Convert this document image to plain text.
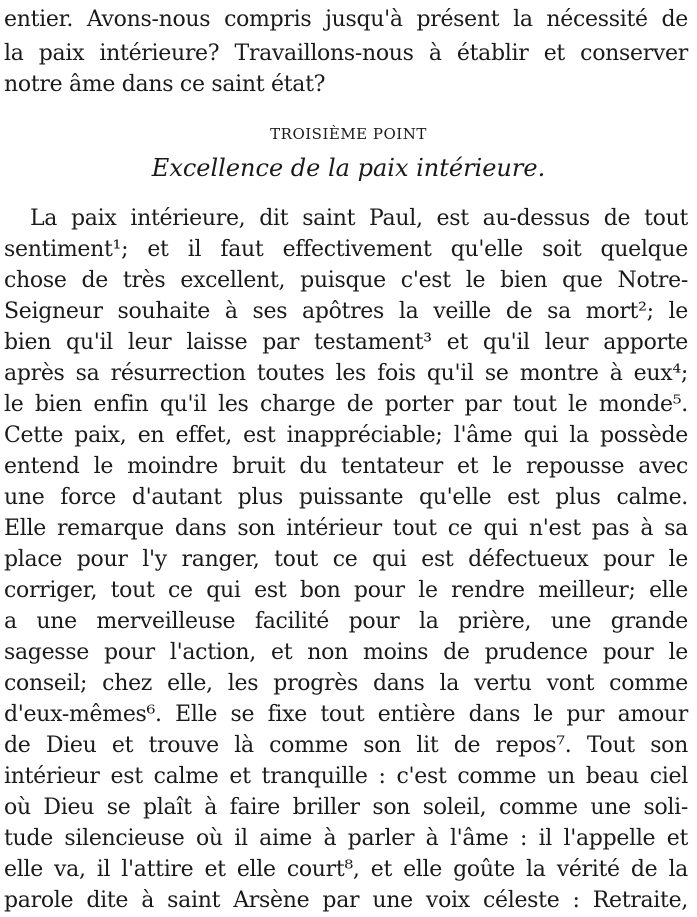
entier. Avons-nous compris jusqu'à présent la nécessité de
la paix intérieure? Travaillons-nous à établir et conserver
notre âme dans ce saint état?
TROISIÈME POINT
Excellence de la paix intérieure.
La paix intérieure, dit saint Paul, est au-dessus de tout
sentiment¹; et il faut effectivement qu'elle soit quelque
chose de très excellent, puisque c'est le bien que Notre-
Seigneur souhaite à ses apôtres la veille de sa mort²; le
bien qu'il leur laisse par testament³ et qu'il leur apporte
après sa résurrection toutes les fois qu'il se montre à eux⁴;
le bien enfin qu'il les charge de porter par tout le monde⁵.
Cette paix, en effet, est inappréciable; l'âme qui la possède
entend le moindre bruit du tentateur et le repousse avec
une force d'autant plus puissante qu'elle est plus calme.
Elle remarque dans son intérieur tout ce qui n'est pas à sa
place pour l'y ranger, tout ce qui est défectueux pour le
corriger, tout ce qui est bon pour le rendre meilleur; elle
a une merveilleuse facilité pour la prière, une grande
sagesse pour l'action, et non moins de prudence pour le
conseil; chez elle, les progrès dans la vertu vont comme
d'eux-mêmes⁶. Elle se fixe tout entière dans le pur amour
de Dieu et trouve là comme son lit de repos⁷. Tout son
intérieur est calme et tranquille : c'est comme un beau ciel
où Dieu se plaît à faire briller son soleil, comme une soli-
tude silencieuse où il aime à parler à l'âme : il l'appelle et
elle va, il l'attire et elle court⁸, et elle goûte la vérité de la
parole dite à saint Arsène par une voix céleste : Retraite,
